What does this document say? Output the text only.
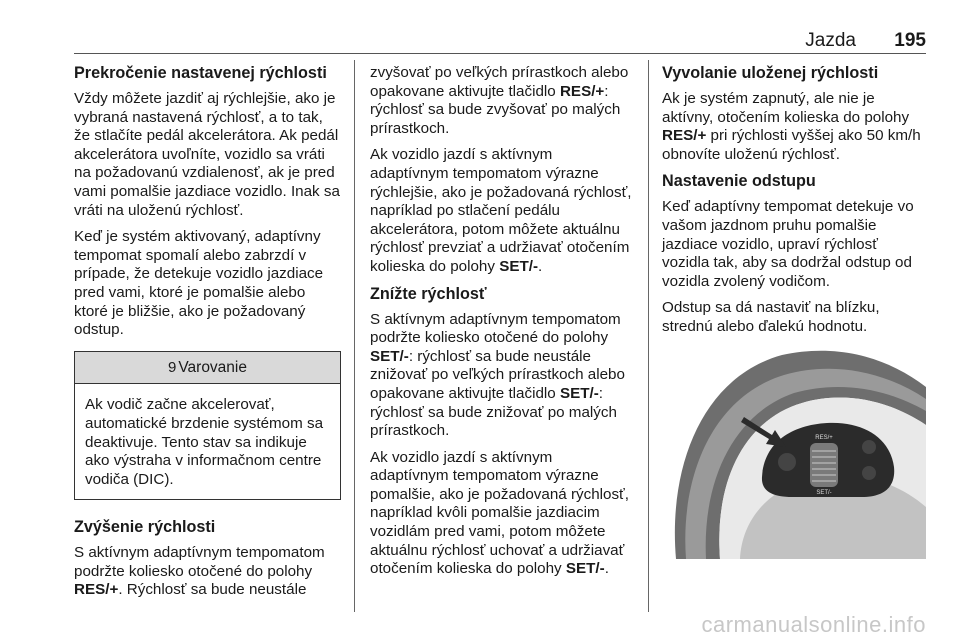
Jazda 195
Prekročenie nastavenej rýchlosti

Vždy môžete jazdiť aj rýchlejšie, ako je vybraná nastavená rýchlosť, a to tak, že stlačíte pedál akcelerátora. Ak pedál akcelerátora uvoľníte, vozidlo sa vráti na požadovanú vzdialenosť, ak je pred vami pomalšie jazdiace vozidlo. Inak sa vráti na uloženú rýchlosť.

Keď je systém aktivovaný, adaptívny tempomat spomalí alebo zabrzdí v prípade, že detekuje vozidlo jazdiace pred vami, ktoré je pomalšie alebo ktoré je bližšie, ako je požadovaný odstup.

9 Varovanie
Ak vodič začne akcelerovať, automatické brzdenie systémom sa deaktivuje. Tento stav sa indikuje ako výstraha v informačnom centre vodiča (DIC).
Zvýšenie rýchlosti

S aktívnym adaptívnym tempomatom podržte koliesko otočené do polohy RES/+. Rýchlosť sa bude neustále

zvyšovať po veľkých prírastkoch alebo opakovane aktivujte tlačidlo RES/+: rýchlosť sa bude zvyšovať po malých prírastkoch.

Ak vozidlo jazdí s aktívnym adaptívnym tempomatom výrazne rýchlejšie, ako je požadovaná rýchlosť, napríklad po stlačení pedálu akcelerátora, potom môžete aktuálnu rýchlosť prevziať a udržiavať otočením kolieska do polohy SET/-.

Znížte rýchlosť

S aktívnym adaptívnym tempomatom podržte koliesko otočené do polohy SET/-: rýchlosť sa bude neustále znižovať po veľkých prírastkoch alebo opakovane aktivujte tlačidlo SET/-: rýchlosť sa bude znižovať po malých prírastkoch.

Ak vozidlo jazdí s aktívnym adaptívnym tempomatom výrazne pomalšie, ako je požadovaná rýchlosť, napríklad kvôli pomalšie jazdiacim vozidlám pred vami, potom môžete aktuálnu rýchlosť uchovať a udržiavať otočením kolieska do polohy SET/-.

Vyvolanie uloženej rýchlosti

Ak je systém zapnutý, ale nie je aktívny, otočením kolieska do polohy RES/+ pri rýchlosti vyššej ako 50 km/h obnovíte uloženú rýchlosť.

Nastavenie odstupu

Keď adaptívny tempomat detekuje vo vašom jazdnom pruhu pomalšie jazdiace vozidlo, upraví rýchlosť vozidla tak, aby sa dodržal odstup od vozidla zvolený vodičom.

Odstup sa dá nastaviť na blízku, strednú alebo ďalekú hodnotu.

RES/+
SET/-
carmanualsonline.info
